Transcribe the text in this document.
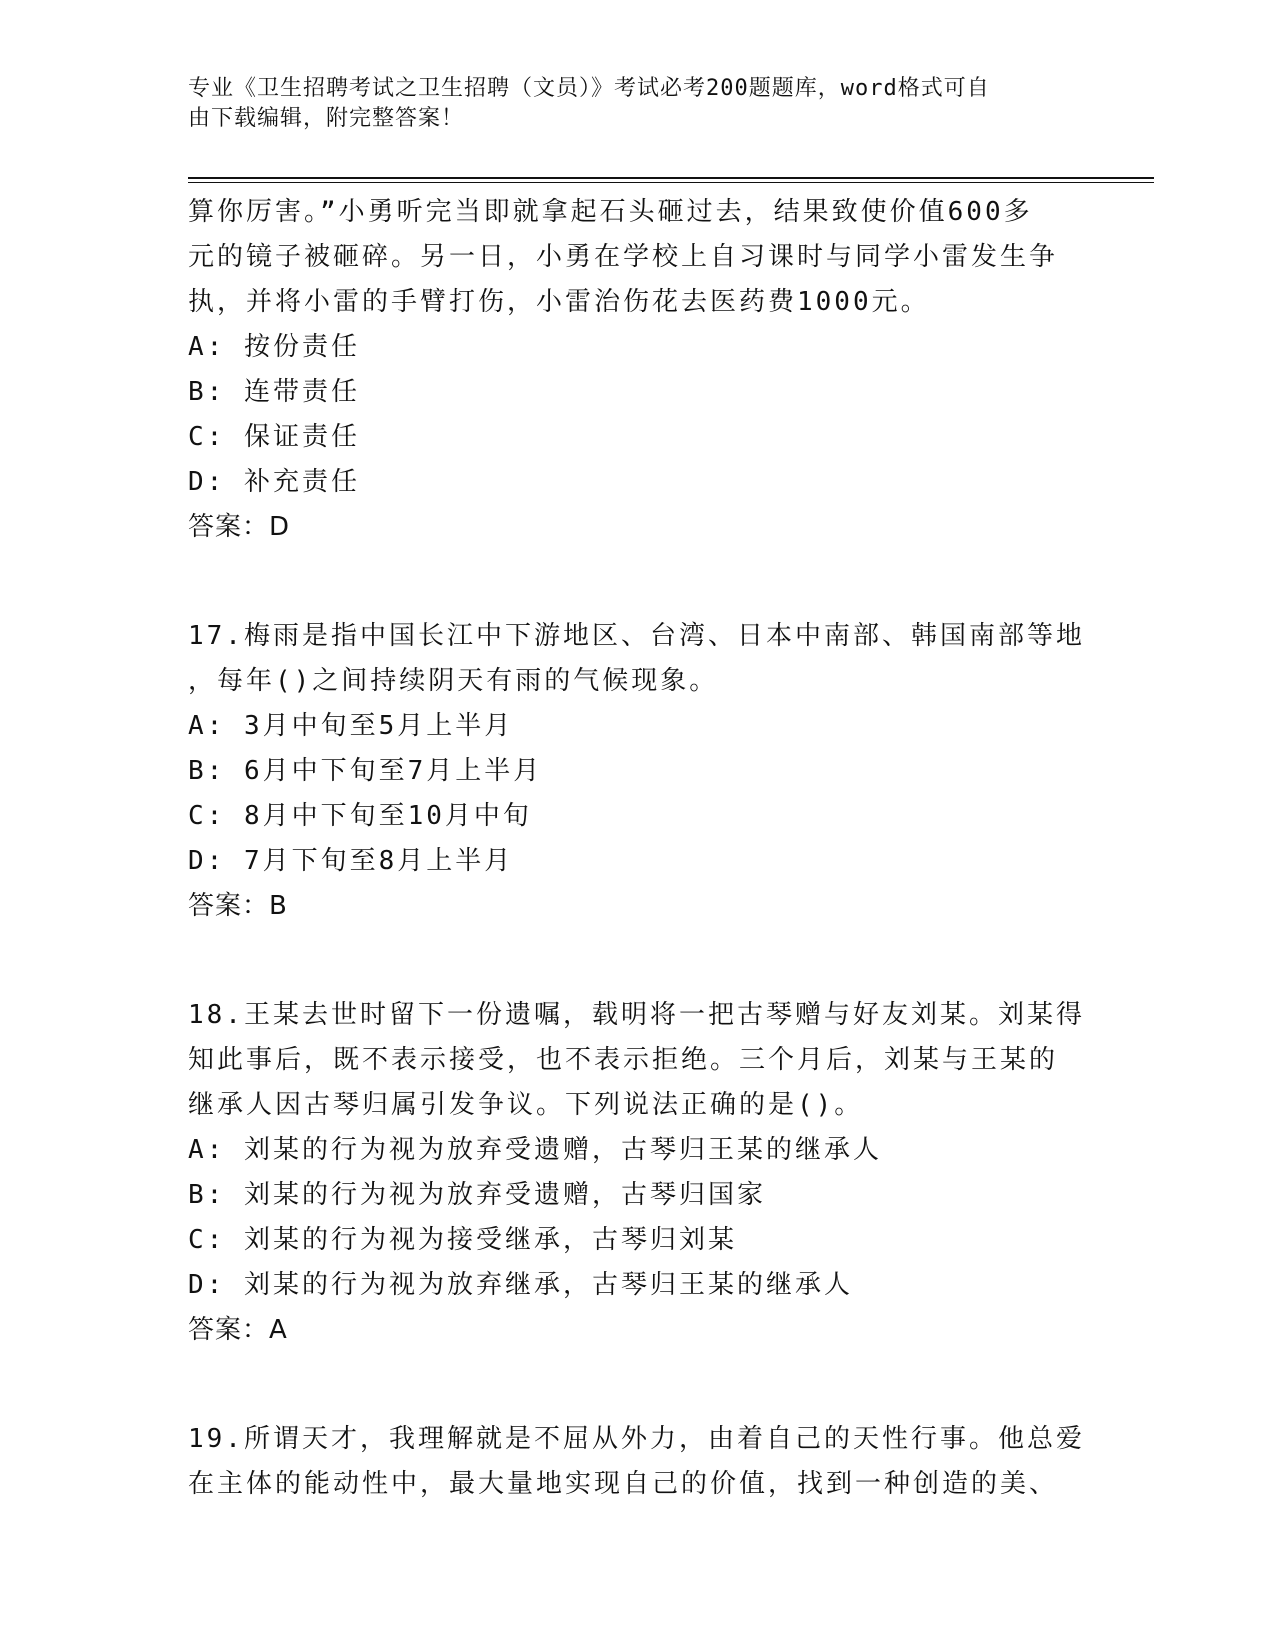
专业《卫生招聘考试之卫生招聘（文员）》考试必考200题题库，word格式可自
由下载编辑，附完整答案！
算你厉害。”小勇听完当即就拿起石头砸过去，结果致使价值600多
元的镜子被砸碎。另一日，小勇在学校上自习课时与同学小雷发生争
执，并将小雷的手臂打伤，小雷治伤花去医药费1000元。
A: 按份责任
B: 连带责任
C: 保证责任
D: 补充责任
答案：D
17.梅雨是指中国长江中下游地区、台湾、日本中南部、韩国南部等地
，每年()之间持续阴天有雨的气候现象。
A: 3月中旬至5月上半月
B: 6月中下旬至7月上半月
C: 8月中下旬至10月中旬
D: 7月下旬至8月上半月
答案：B
18.王某去世时留下一份遗嘱，载明将一把古琴赠与好友刘某。刘某得
知此事后，既不表示接受，也不表示拒绝。三个月后，刘某与王某的
继承人因古琴归属引发争议。下列说法正确的是()。
A: 刘某的行为视为放弃受遗赠，古琴归王某的继承人
B: 刘某的行为视为放弃受遗赠，古琴归国家
C: 刘某的行为视为接受继承，古琴归刘某
D: 刘某的行为视为放弃继承，古琴归王某的继承人
答案：A
19.所谓天才，我理解就是不屈从外力，由着自己的天性行事。他总爱
在主体的能动性中，最大量地实现自己的价值，找到一种创造的美、
